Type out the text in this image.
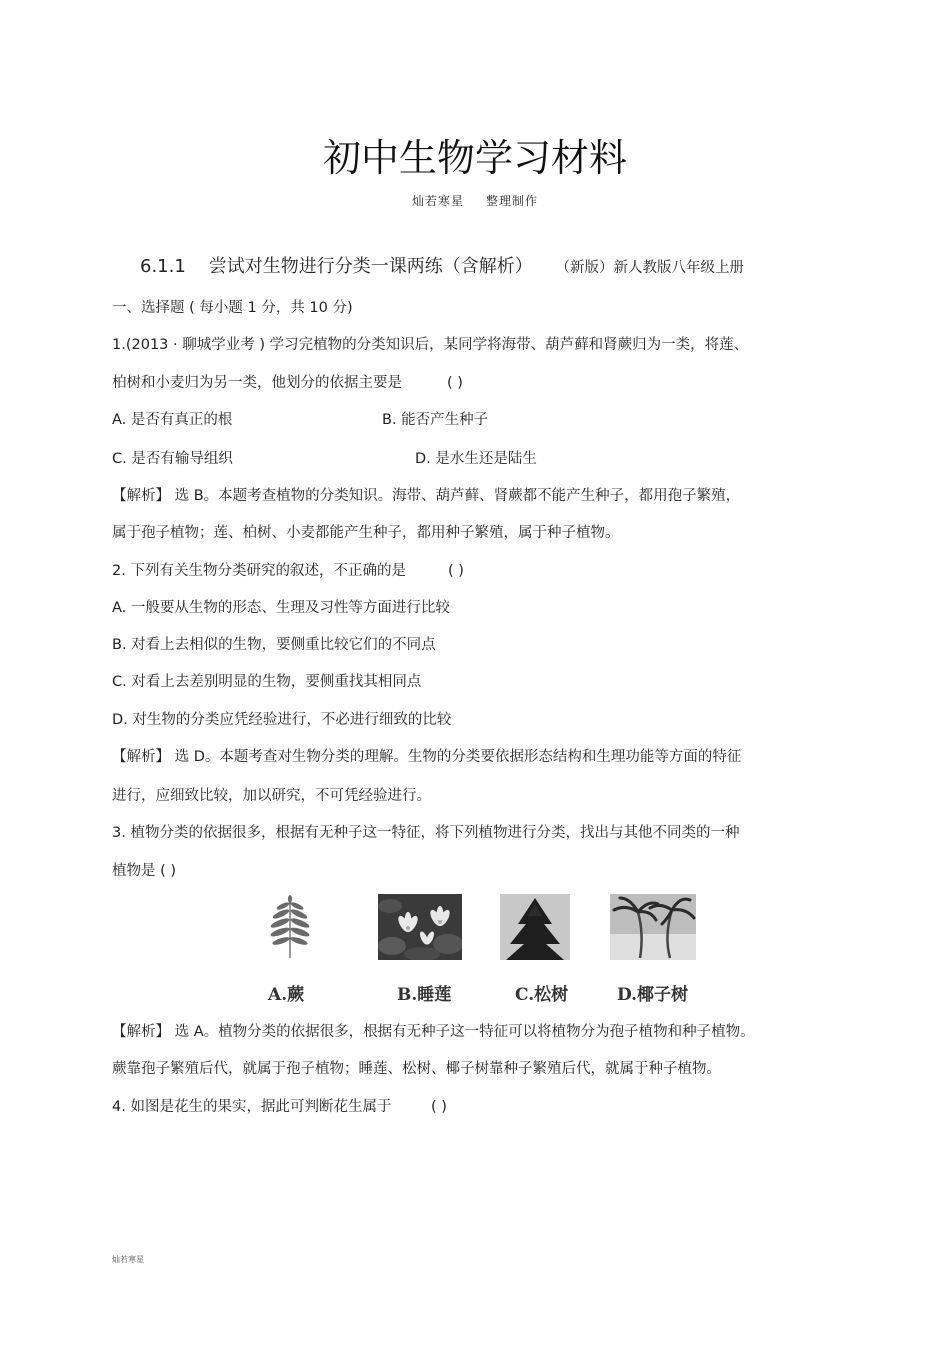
初中生物学习材料
灿若寒星 整理制作
6.1.1 尝试对生物进行分类一课两练（含解析） （新版）新人教版八年级上册
一、选择题 ( 每小题 1 分，共 10 分)
1.(2013 · 聊城学业考 ) 学习完植物的分类知识后，某同学将海带、葫芦藓和肾蕨归为一类，将莲、
柏树和小麦归为另一类，他划分的依据主要是	( )
A. 是否有真正的根	B. 能否产生种子
C. 是否有输导组织	D. 是水生还是陆生
【解析】 选 B。本题考查植物的分类知识。海带、葫芦藓、肾蕨都不能产生种子，都用孢子繁殖，
属于孢子植物；莲、柏树、小麦都能产生种子，都用种子繁殖，属于种子植物。
2. 下列有关生物分类研究的叙述，不正确的是	( )
A. 一般要从生物的形态、生理及习性等方面进行比较
B. 对看上去相似的生物，要侧重比较它们的不同点
C. 对看上去差别明显的生物，要侧重找其相同点
D. 对生物的分类应凭经验进行，不必进行细致的比较
【解析】 选 D。本题考查对生物分类的理解。生物的分类要依据形态结构和生理功能等方面的特征
进行，应细致比较，加以研究，不可凭经验进行。
3. 植物分类的依据很多，根据有无种子这一特征，将下列植物进行分类，找出与其他不同类的一种
植物是 ( )
A.蕨	B.睡莲	C.松树	D.椰子树
【解析】 选 A。植物分类的依据很多，根据有无种子这一特征可以将植物分为孢子植物和种子植物。
蕨靠孢子繁殖后代，就属于孢子植物；睡莲、松树、椰子树靠种子繁殖后代，就属于种子植物。
4. 如图是花生的果实，据此可判断花生属于	( )
灿若寒星
